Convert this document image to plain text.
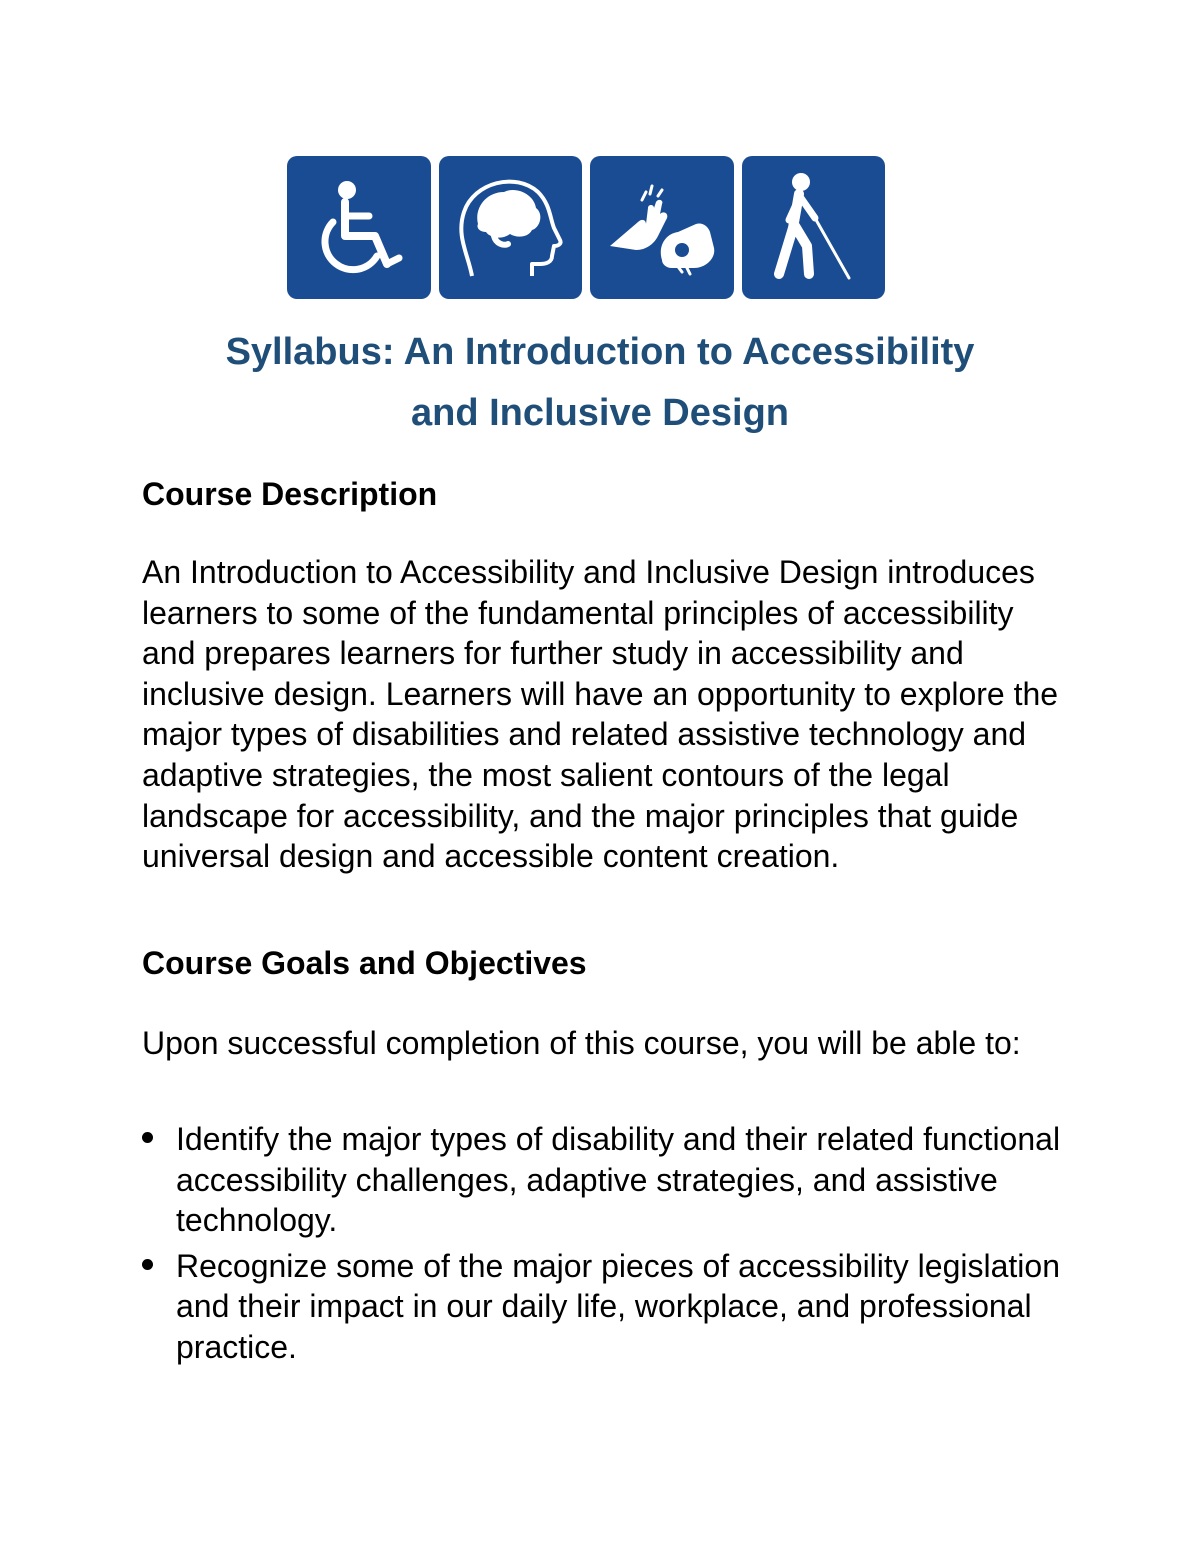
Syllabus: An Introduction to Accessibility
and Inclusive Design
Course Description

An Introduction to Accessibility and Inclusive Design introduces learners to some of the fundamental principles of accessibility and prepares learners for further study in accessibility and inclusive design. Learners will have an opportunity to explore the major types of disabilities and related assistive technology and adaptive strategies, the most salient contours of the legal landscape for accessibility, and the major principles that guide universal design and accessible content creation.

Course Goals and Objectives

Upon successful completion of this course, you will be able to:

Identify the major types of disability and their related functional accessibility challenges, adaptive strategies, and assistive technology.
Recognize some of the major pieces of accessibility legislation and their impact in our daily life, workplace, and professional practice.
